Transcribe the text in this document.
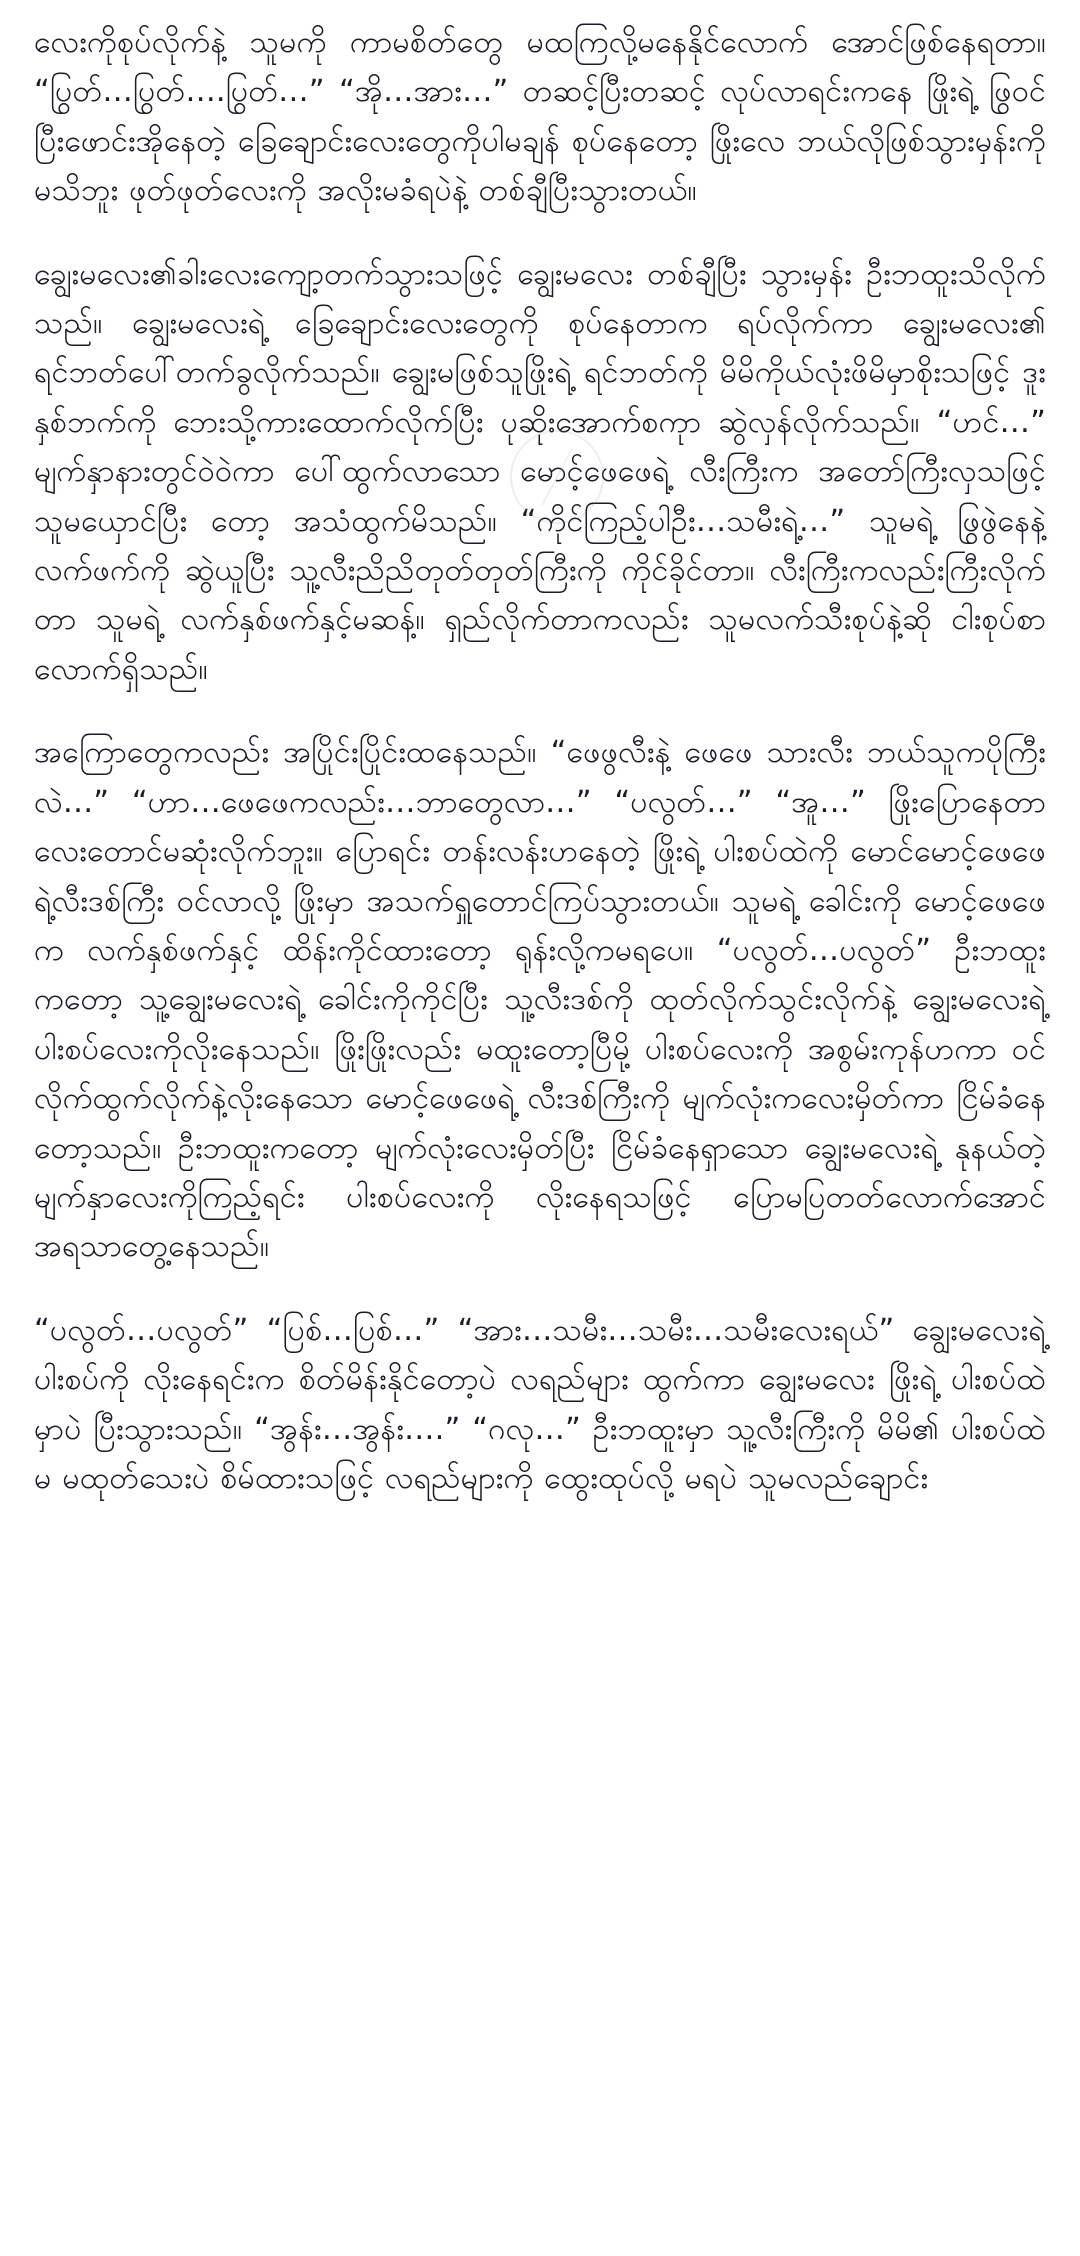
လေးကိုစုပ်လိုက်နဲ့ သူမကို ကာမစိတ်တွေ မထကြလို့မနေနိုင်လောက် အောင်ဖြစ်နေရတာ။ “ပြွတ်…ပြွတ်….ပြွတ်…” “အို…အား…” တဆင့်ပြီးတဆင့် လုပ်လာရင်းကနေ ဖြိုးရဲ့ ဖြွဝင်ပြီးဖောင်းအိုနေတဲ့ ခြေချောင်းလေးတွေကိုပါမချန် စုပ်နေတော့ ဖြိုးလေ ဘယ်လိုဖြစ်သွားမှန်းကိုမသိဘူး ဖုတ်ဖုတ်လေးကို အလိုးမခံရပဲနဲ့ တစ်ချီပြီးသွားတယ်။

ချွေးမလေး၏ခါးလေးကျော့တက်သွားသဖြင့် ချွေးမလေး တစ်ချီပြီး သွားမှန်း ဦးဘထူးသိလိုက်သည်။ ချွေးမလေးရဲ့ ခြေချောင်းလေးတွေကို စုပ်နေတာက ရပ်လိုက်ကာ ချွေးမလေး၏ ရင်ဘတ်ပေါ်တက်ခွလိုက်သည်။ ချွေးမဖြစ်သူဖြိုးရဲ့ ရင်ဘတ်ကို မိမိကိုယ်လုံးဖိမိမှာစိုးသဖြင့် ဒူးနှစ်ဘက်ကို ဘေးသို့ကားထောက်လိုက်ပြီး ပုဆိုးအောက်စကုာ ဆွဲလှန်လိုက်သည်။ “ဟင်…” မျက်နှာနားတွင်ဝဲဝဲကာ ပေါ်ထွက်လာသော မောင့်ဖေဖေရဲ့ လီးကြီးက အတော်ကြီးလှသဖြင့် သူမယှောင်ပြီး တော့ အသံထွက်မိသည်။ “ကိုင်ကြည့်ပါဦး…သမီးရဲ့…” သူမရဲ့ ဖြွဖွဲနေနဲ့ လက်ဖက်ကို ဆွဲယူပြီး သူ့လီးညိညိတုတ်တုတ်ကြီးကို ကိုင်ခိုင်တာ။ လီးကြီးကလည်းကြီးလိုက်တာ သူမရဲ့ လက်နှစ်ဖက်နှင့်မဆန့်။ ရှည်လိုက်တာကလည်း သူမလက်သီးစုပ်နဲ့ဆို ငါးစုပ်စာလောက်ရှိသည်။

အကြောတွေကလည်း အပြိုင်းပြိုင်းထနေသည်။ “ဖေဖွလီးနဲ့ ဖေဖေ သားလီး ဘယ်သူကပိုကြီးလဲ…” “ဟာ…ဖေဖေကလည်း…ဘာတွေလာ…” “ပလွတ်…” “အူ…” ဖြိုးပြောနေတာလေးတောင်မဆုံးလိုက်ဘူး။ ပြောရင်း တန်းလန်းဟနေတဲ့ ဖြိုးရဲ့ ပါးစပ်ထဲကို မောင်မောင့်ဖေဖေရဲ့လီးဒစ်ကြီး ဝင်လာလို့ ဖြိုးမှာ အသက်ရှူတောင်ကြပ်သွားတယ်။ သူမရဲ့ ခေါင်းကို မောင့်ဖေဖေက လက်နှစ်ဖက်နှင့် ထိန်းကိုင်ထားတော့ ရုန်းလို့ကမရပေ။ “ပလွတ်…ပလွတ်” ဦးဘထူးကတော့ သူ့ချွေးမလေးရဲ့ ခေါင်းကိုကိုင်ပြီး သူ့လီးဒစ်ကို ထုတ်လိုက်သွင်းလိုက်နဲ့ ချွေးမလေးရဲ့ ပါးစပ်လေးကိုလိုးနေသည်။ ဖြိုးဖြိုးလည်း မထူးတော့ပြီမို့ ပါးစပ်လေးကို အစွမ်းကုန်ဟကာ ဝင်လိုက်ထွက်လိုက်နဲ့လိုးနေသော မောင့်ဖေဖေရဲ့ လီးဒစ်ကြီးကို မျက်လုံးကလေးမှိတ်ကာ ငြိမ်ခံနေတော့သည်။ ဦးဘထူးကတော့ မျက်လုံးလေးမှိတ်ပြီး ငြိမ်ခံနေရှာသော ချွေးမလေးရဲ့ နုနယ်တဲ့ မျက်နှာလေးကိုကြည့်ရင်း ပါးစပ်လေးကို လိုးနေရသဖြင့် ပြောမပြတတ်လောက်အောင် အရသာတွေ့နေသည်။

“ပလွတ်…ပလွတ်” “ပြစ်…ပြစ်…” “အား…သမီး…သမီး…သမီးလေးရယ်” ချွေးမလေးရဲ့ ပါးစပ်ကို လိုးနေရင်းက စိတ်မိန်းနိုင်တော့ပဲ လရည်များ ထွက်ကာ ချွေးမလေး ဖြိုးရဲ့ ပါးစပ်ထဲမှာပဲ ပြီးသွားသည်။ “အွန်း…အွန်း….” “ဂလု…” ဦးဘထူးမှာ သူ့လီးကြီးကို မိမိ၏ ပါးစပ်ထဲမ မထုတ်သေးပဲ စိမ်ထားသဖြင့် လရည်များကို ထွေးထုပ်လို့ မရပဲ သူမလည်ချောင်း
